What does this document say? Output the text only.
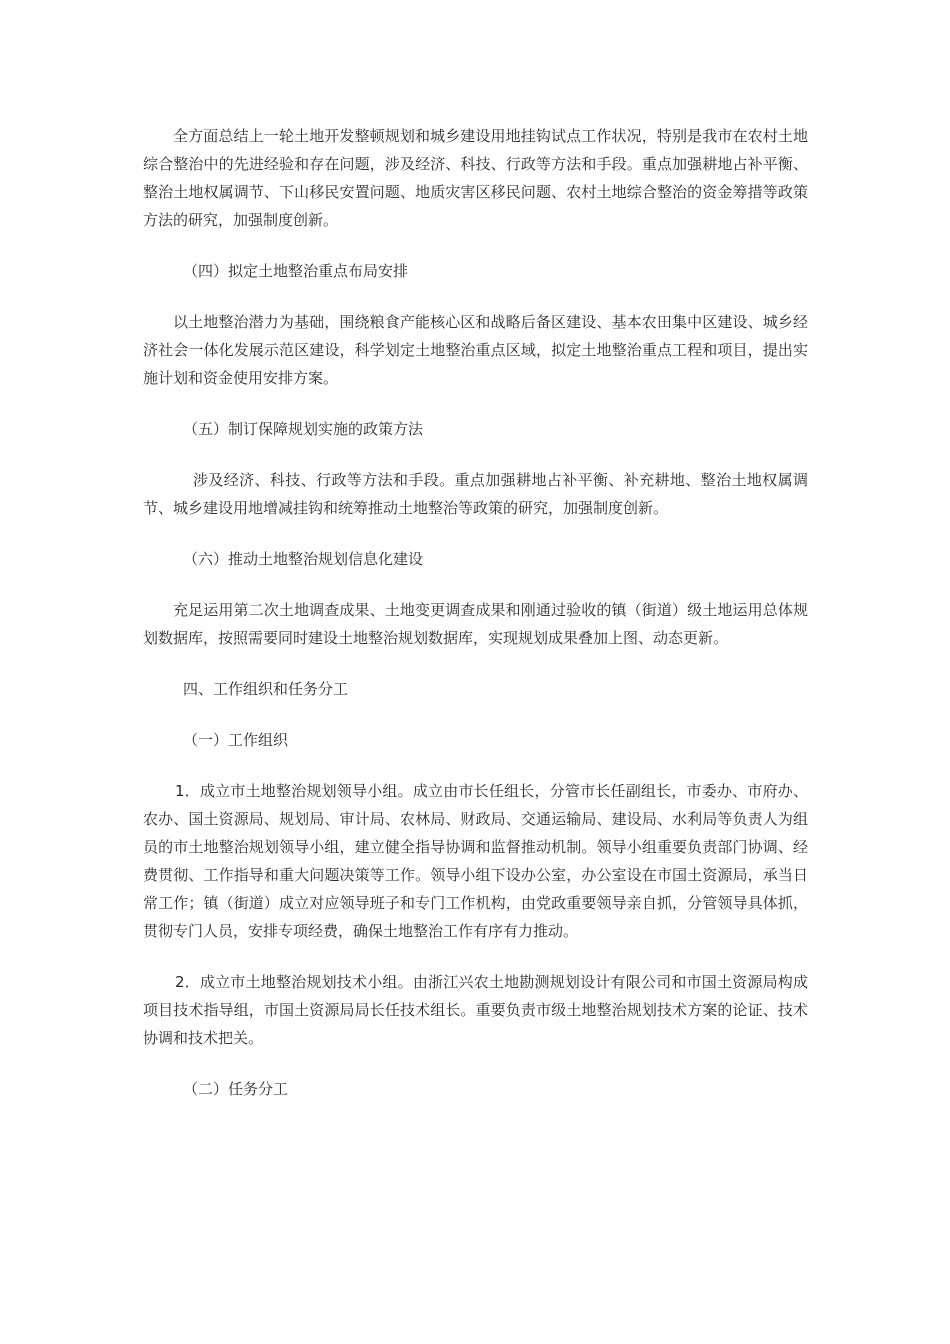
全方面总结上一轮土地开发整顿规划和城乡建设用地挂钩试点工作状况，特别是我市在农村土地综合整治中的先进经验和存在问题，涉及经济、科技、行政等方法和手段。重点加强耕地占补平衡、整治土地权属调节、下山移民安置问题、地质灾害区移民问题、农村土地综合整治的资金筹措等政策方法的研究，加强制度创新。

（四）拟定土地整治重点布局安排

以土地整治潜力为基础，围绕粮食产能核心区和战略后备区建设、基本农田集中区建设、城乡经济社会一体化发展示范区建设，科学划定土地整治重点区域，拟定土地整治重点工程和项目，提出实施计划和资金使用安排方案。

（五）制订保障规划实施的政策方法

涉及经济、科技、行政等方法和手段。重点加强耕地占补平衡、补充耕地、整治土地权属调节、城乡建设用地增减挂钩和统筹推动土地整治等政策的研究，加强制度创新。

（六）推动土地整治规划信息化建设

充足运用第二次土地调查成果、土地变更调查成果和刚通过验收的镇（街道）级土地运用总体规划数据库，按照需要同时建设土地整治规划数据库，实现规划成果叠加上图、动态更新。

四、工作组织和任务分工

（一）工作组织

1．成立市土地整治规划领导小组。成立由市长任组长，分管市长任副组长，市委办、市府办、农办、国土资源局、规划局、审计局、农林局、财政局、交通运输局、建设局、水利局等负责人为组员的市土地整治规划领导小组，建立健全指导协调和监督推动机制。领导小组重要负责部门协调、经费贯彻、工作指导和重大问题决策等工作。领导小组下设办公室，办公室设在市国土资源局，承当日常工作；镇（街道）成立对应领导班子和专门工作机构，由党政重要领导亲自抓，分管领导具体抓，贯彻专门人员，安排专项经费，确保土地整治工作有序有力推动。

2．成立市土地整治规划技术小组。由浙江兴农土地勘测规划设计有限公司和市国土资源局构成项目技术指导组，市国土资源局局长任技术组长。重要负责市级土地整治规划技术方案的论证、技术协调和技术把关。

（二）任务分工
